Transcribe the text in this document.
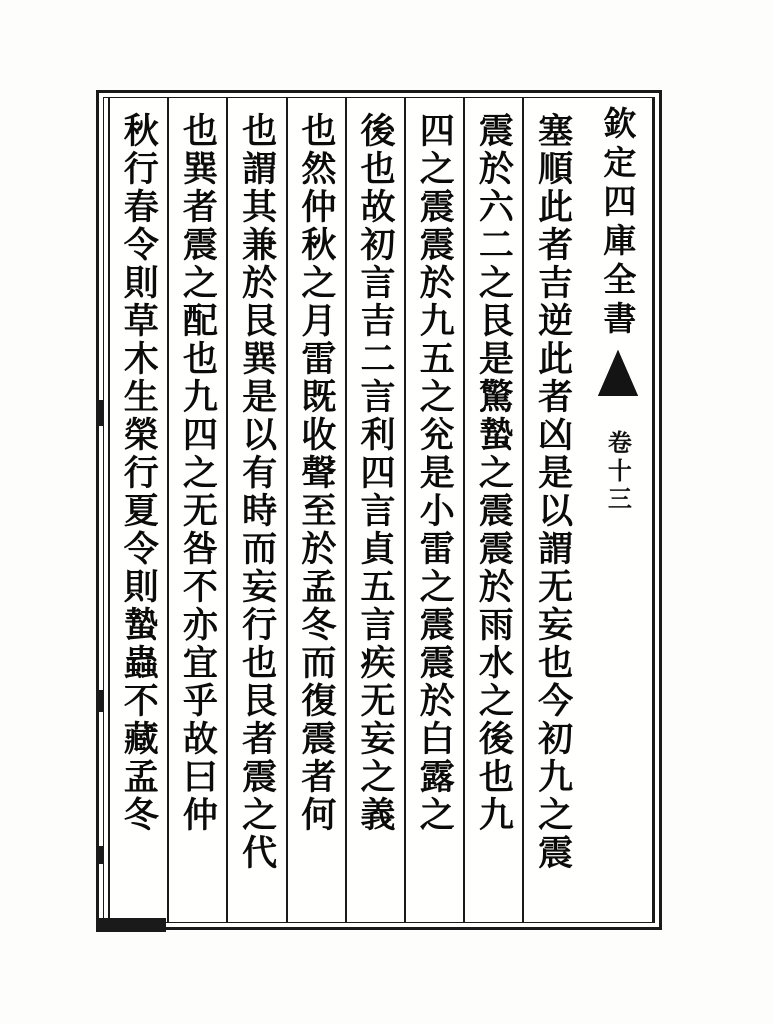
欽定四庫全書
卷十三
塞順此者吉逆此者凶是以謂无妄也今初九之震
震於六二之艮是驚蟄之震震於雨水之後也九
四之震震於九五之兊是小雷之震震於白露之
後也故初言吉二言利四言貞五言疾无妄之義
也然仲秋之月雷既收聲至於孟冬而復震者何
也謂其兼於艮巽是以有時而妄行也艮者震之代
也巽者震之配也九四之无咎不亦宜乎故曰仲
秋行春令則草木生榮行夏令則蟄蟲不藏孟冬
